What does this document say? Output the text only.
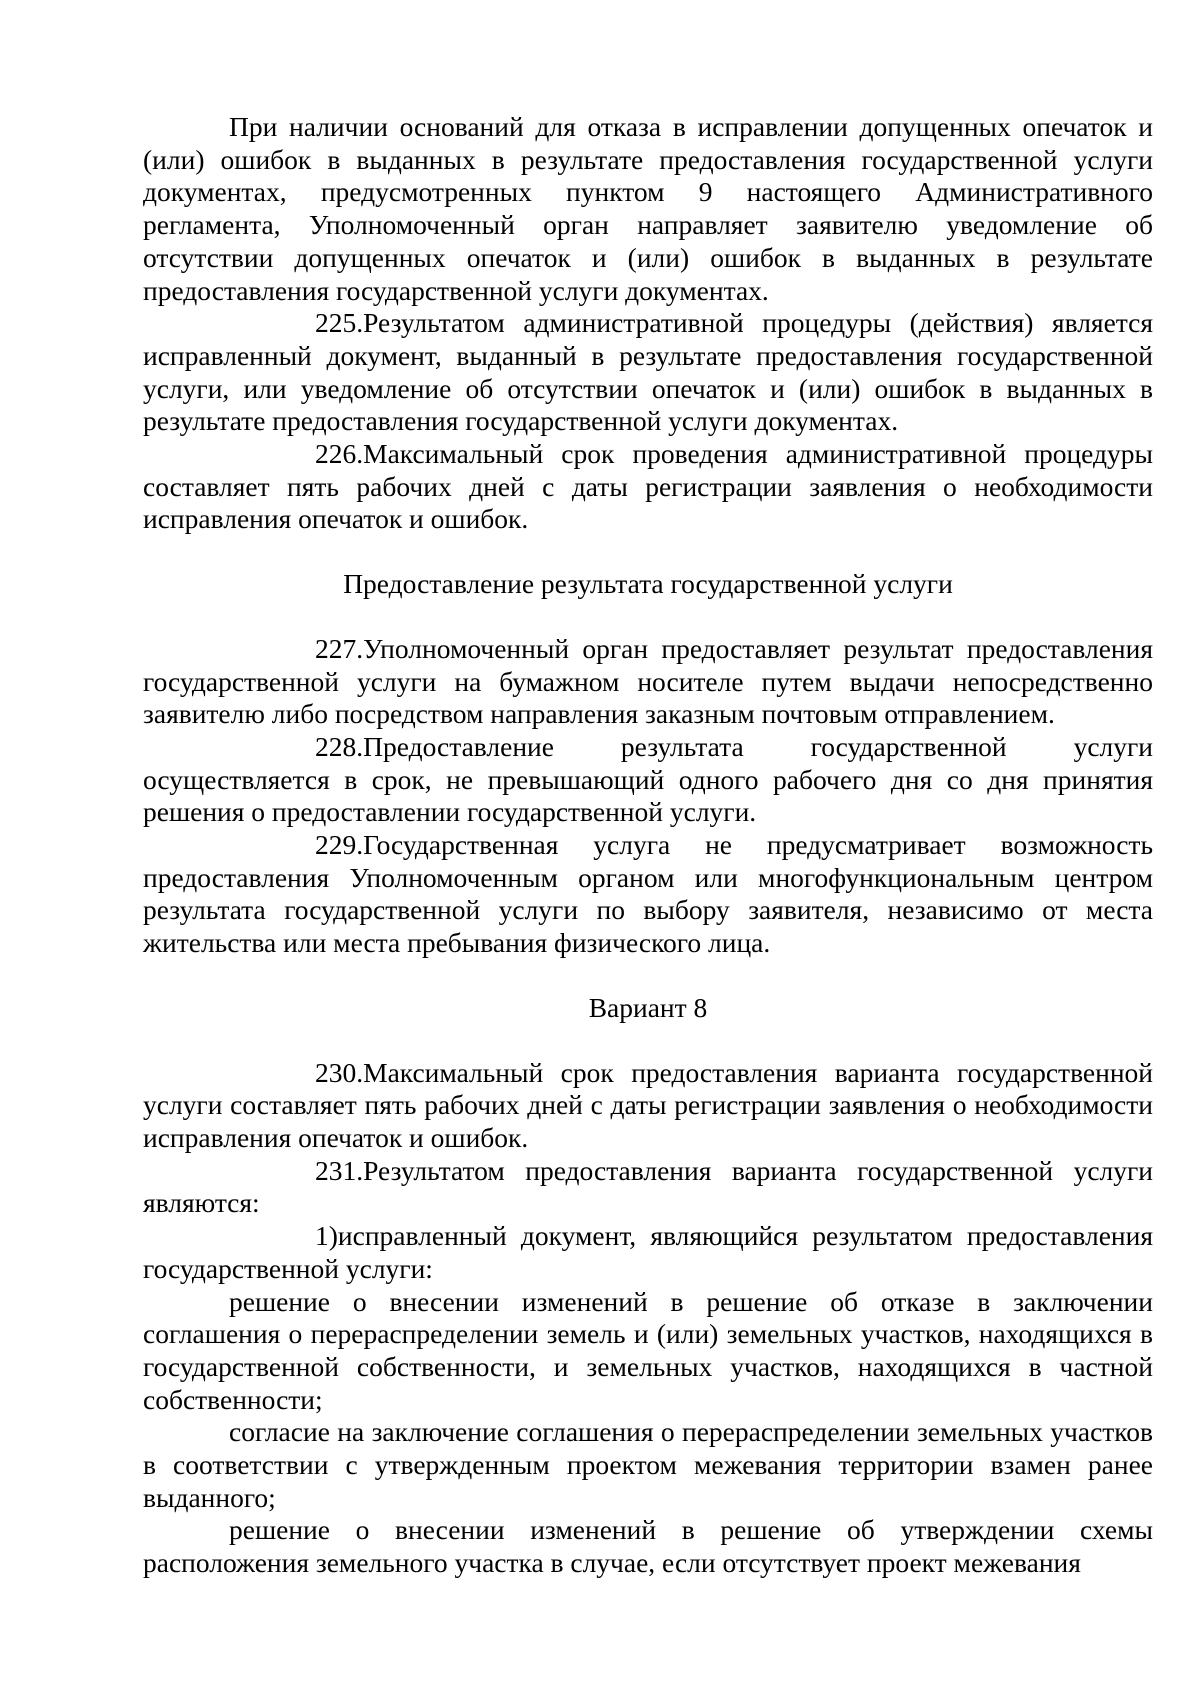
При наличии оснований для отказа в исправлении допущенных опечаток и (или) ошибок в выданных в результате предоставления государственной услуги документах, предусмотренных пунктом 9 настоящего Административного регламента, Уполномоченный орган направляет заявителю уведомление об отсутствии допущенных опечаток и (или) ошибок в выданных в результате предоставления государственной услуги документах.

225.Результатом административной процедуры (действия) является исправленный документ, выданный в результате предоставления государственной услуги, или уведомление об отсутствии опечаток и (или) ошибок в выданных в результате предоставления государственной услуги документах.

226.Максимальный срок проведения административной процедуры составляет пять рабочих дней с даты регистрации заявления о необходимости исправления опечаток и ошибок.

Предоставление результата государственной услуги

227.Уполномоченный орган предоставляет результат предоставления государственной услуги на бумажном носителе путем выдачи непосредственно заявителю либо посредством направления заказным почтовым отправлением.

228.Предоставление результата государственной услуги осуществляется в срок, не превышающий одного рабочего дня со дня принятия решения о предоставлении государственной услуги.

229.Государственная услуга не предусматривает возможность предоставления Уполномоченным органом или многофункциональным центром результата государственной услуги по выбору заявителя, независимо от места жительства или места пребывания физического лица.

Вариант 8

230.Максимальный срок предоставления варианта государственной услуги составляет пять рабочих дней с даты регистрации заявления о необходимости исправления опечаток и ошибок.

231.Результатом предоставления варианта государственной услуги являются:

1)исправленный документ, являющийся результатом предоставления государственной услуги:

решение о внесении изменений в решение об отказе в заключении соглашения о перераспределении земель и (или) земельных участков, находящихся в государственной собственности, и земельных участков, находящихся в частной собственности;

согласие на заключение соглашения о перераспределении земельных участков в соответствии с утвержденным проектом межевания территории взамен ранее выданного;

решение о внесении изменений в решение об утверждении схемы расположения земельного участка в случае, если отсутствует проект межевания
